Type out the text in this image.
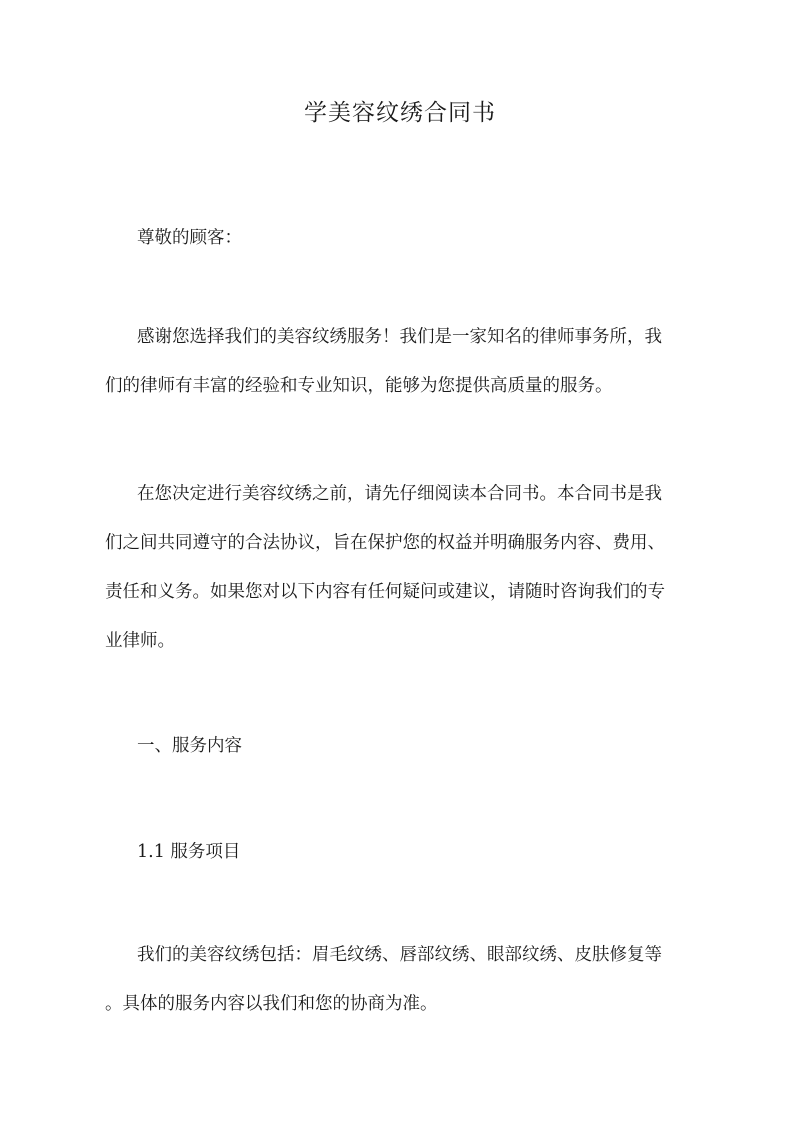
学美容纹绣合同书

尊敬的顾客：

感谢您选择我们的美容纹绣服务！我们是一家知名的律师事务所，我
们的律师有丰富的经验和专业知识，能够为您提供高质量的服务。

在您决定进行美容纹绣之前，请先仔细阅读本合同书。本合同书是我
们之间共同遵守的合法协议，旨在保护您的权益并明确服务内容、费用、
责任和义务。如果您对以下内容有任何疑问或建议，请随时咨询我们的专
业律师。

一、服务内容

1.1 服务项目

我们的美容纹绣包括：眉毛纹绣、唇部纹绣、眼部纹绣、皮肤修复等
。具体的服务内容以我们和您的协商为准。
